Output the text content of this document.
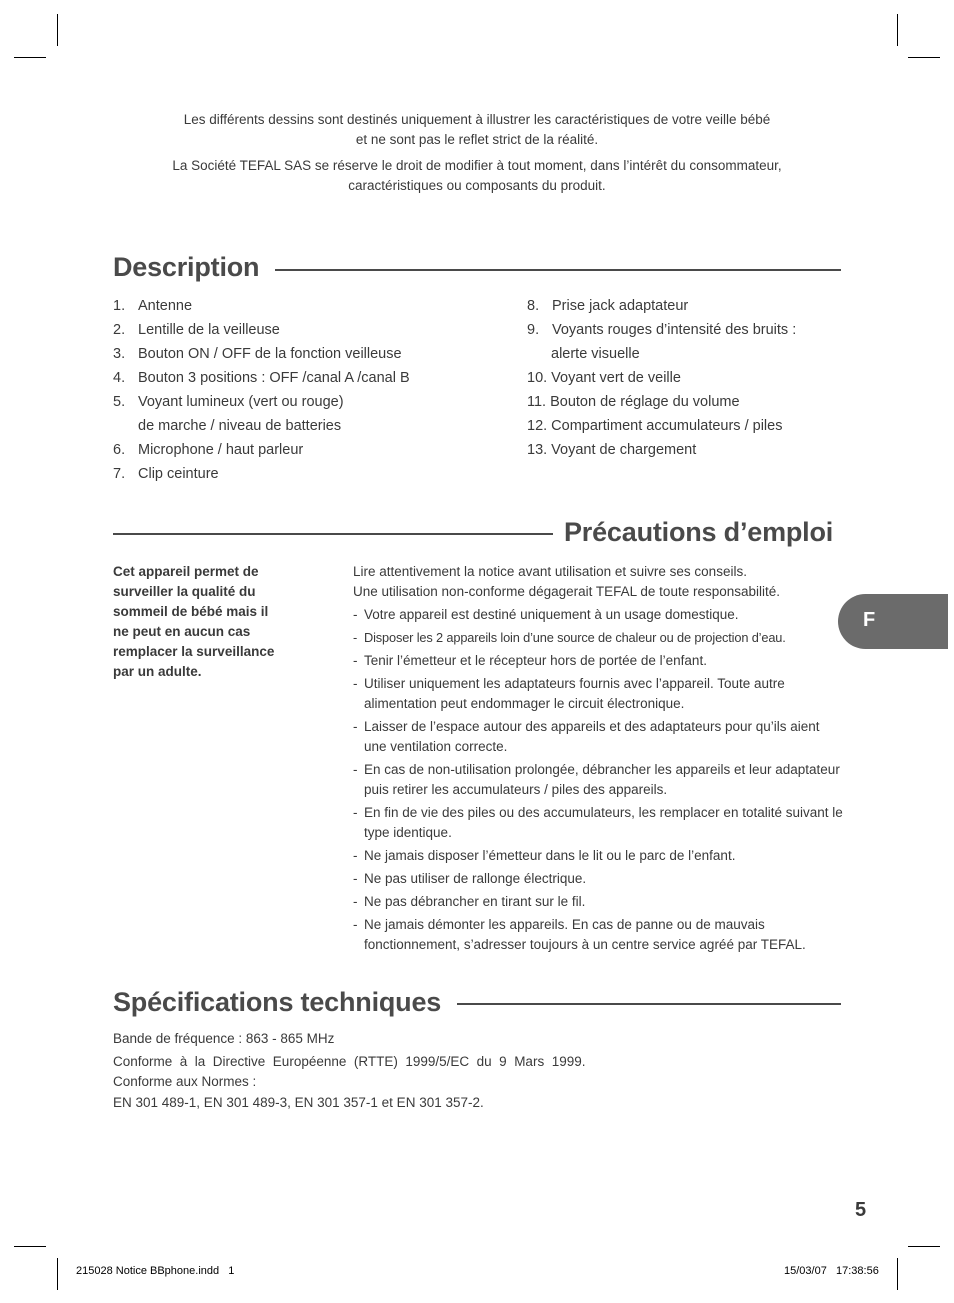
Les différents dessins sont destinés uniquement à illustrer les caractéristiques de votre veille bébé
et ne sont pas le reflet strict de la réalité.
La Société TEFAL SAS se réserve le droit de modifier à tout moment, dans l’intérêt du consommateur,
caractéristiques ou composants du produit.
Description
1. Antenne
2. Lentille de la veilleuse
3. Bouton ON / OFF de la fonction veilleuse
4. Bouton 3 positions : OFF /canal A /canal B
5. Voyant lumineux (vert ou rouge)
de marche / niveau de batteries
6. Microphone / haut parleur
7. Clip ceinture
8. Prise jack adaptateur
9. Voyants rouges d’intensité des bruits :
alerte visuelle
10. Voyant vert de veille
11. Bouton de réglage du volume
12. Compartiment accumulateurs / piles
13. Voyant de chargement
Précautions d’emploi
Cet appareil permet de
surveiller la qualité du
sommeil de bébé mais il
ne peut en aucun cas
remplacer la surveillance
par un adulte.

Lire attentivement la notice avant utilisation et suivre ses conseils.

Une utilisation non-conforme dégagerait TEFAL de toute responsabilité.

- Votre appareil est destiné uniquement à un usage domestique.
- Disposer les 2 appareils loin d’une source de chaleur ou de projection d’eau.
- Tenir l’émetteur et le récepteur hors de portée de l’enfant.
- Utiliser uniquement les adaptateurs fournis avec l’appareil. Toute autre alimentation peut endommager le circuit électronique.
- Laisser de l’espace autour des appareils et des adaptateurs pour qu’ils aient une ventilation correcte.
- En cas de non-utilisation prolongée, débrancher les appareils et leur adaptateur puis retirer les accumulateurs / piles des appareils.
- En fin de vie des piles ou des accumulateurs, les remplacer en totalité suivant le type identique.
- Ne jamais disposer l’émetteur dans le lit ou le parc de l’enfant.
- Ne pas utiliser de rallonge électrique.
- Ne pas débrancher en tirant sur le fil.
- Ne jamais démonter les appareils. En cas de panne ou de mauvais fonctionnement, s’adresser toujours à un centre service agréé par TEFAL.
F
Spécifications techniques
Bande de fréquence : 863 - 865 MHz
Conforme  à  la  Directive  Européenne  (RTTE)  1999/5/EC  du  9  Mars  1999.
Conforme aux Normes :
EN 301 489-1, EN 301 489-3, EN 301 357-1 et EN 301 357-2.
5
215028 Notice BBphone.indd   1	15/03/07   17:38:56
